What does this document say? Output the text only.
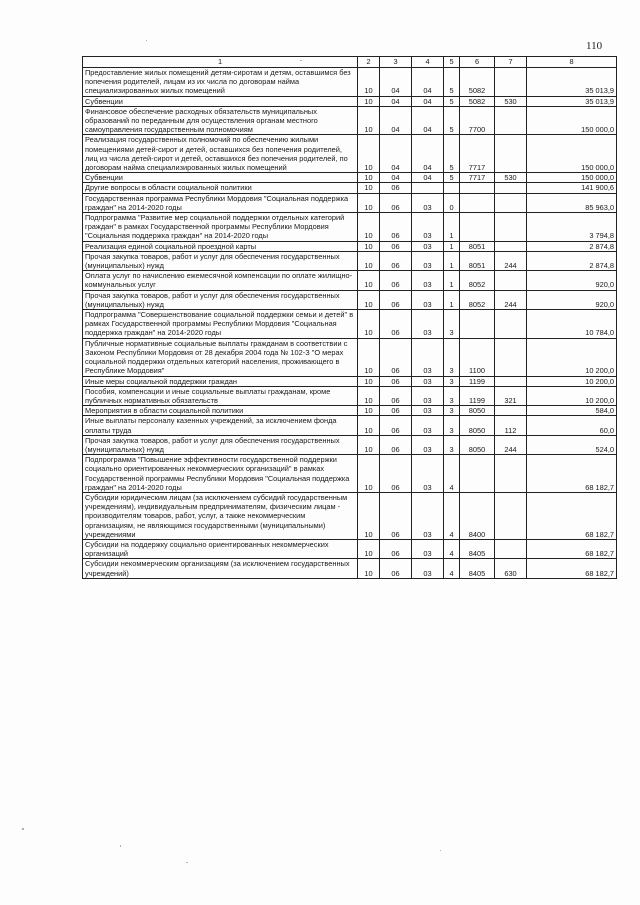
110
1	2	3	4	5	6	7	8
Предоставление жилых помещений детям-сиротам и детям, оставшимся без попечения родителей, лицам из их числа по договорам найма специализированных жилых помещений	10	04	04	5	5082		35 013,9
Субвенции	10	04	04	5	5082	530	35 013,9
Финансовое обеспечение расходных обязательств муниципальных образований по переданным для осуществления органам местного самоуправления государственным полномочиям	10	04	04	5	7700		150 000,0
Реализация государственных полномочий по обеспечению жилыми помещениями детей-сирот и детей, оставшихся без попечения родителей, лиц из числа детей-сирот и детей, оставшихся без попечения родителей, по договорам найма специализированных жилых помещений	10	04	04	5	7717		150 000,0
Субвенции	10	04	04	5	7717	530	150 000,0
Другие вопросы в области социальной политики	10	06					141 900,6
Государственная программа Республики Мордовия "Социальная поддержка граждан" на 2014-2020 годы	10	06	03	0			85 963,0
Подпрограмма "Развитие мер социальной поддержки отдельных категорий граждан" в рамках Государственной программы Республики Мордовия "Социальная поддержка граждан" на 2014-2020 годы	10	06	03	1			3 794,8
Реализация единой социальной проездной карты	10	06	03	1	8051		2 874,8
Прочая закупка товаров, работ и услуг для обеспечения государственных (муниципальных) нужд	10	06	03	1	8051	244	2 874,8
Оплата услуг по начислению ежемесячной компенсации по оплате жилищно-коммунальных услуг	10	06	03	1	8052		920,0
Прочая закупка товаров, работ и услуг для обеспечения государственных (муниципальных) нужд	10	06	03	1	8052	244	920,0
Подпрограмма "Совершенствование социальной поддержки семьи и детей" в рамках Государственной программы Республики Мордовия "Социальная поддержка граждан" на 2014-2020 годы	10	06	03	3			10 784,0
Публичные нормативные социальные выплаты гражданам в соответствии с Законом Республики Мордовия от 28 декабря 2004 года № 102-З "О мерах социальной поддержки отдельных категорий населения, проживающего в Республике Мордовия"	10	06	03	3	1100		10 200,0
Иные меры социальной поддержки граждан	10	06	03	3	1199		10 200,0
Пособия, компенсации и иные социальные выплаты гражданам, кроме публичных нормативных обязательств	10	06	03	3	1199	321	10 200,0
Мероприятия в области социальной политики	10	06	03	3	8050		584,0
Иные выплаты персоналу казенных учреждений, за исключением фонда оплаты труда	10	06	03	3	8050	112	60,0
Прочая закупка товаров, работ и услуг для обеспечения государственных (муниципальных) нужд	10	06	03	3	8050	244	524,0
Подпрограмма "Повышение эффективности государственной поддержки социально ориентированных некоммерческих организаций" в рамках Государственной программы Республики Мордовия "Социальная поддержка граждан" на 2014-2020 годы	10	06	03	4			68 182,7
Субсидии юридическим лицам (за исключением субсидий государственным учреждениям), индивидуальным предпринимателям, физическим лицам - производителям товаров, работ, услуг, а также некоммерческим организациям, не являющимся государственными (муниципальными) учреждениями	10	06	03	4	8400		68 182,7
Субсидии на поддержку социально ориентированных некоммерческих организаций	10	06	03	4	8405		68 182,7
Субсидии некоммерческим организациям (за исключением государственных учреждений)	10	06	03	4	8405	630	68 182,7
